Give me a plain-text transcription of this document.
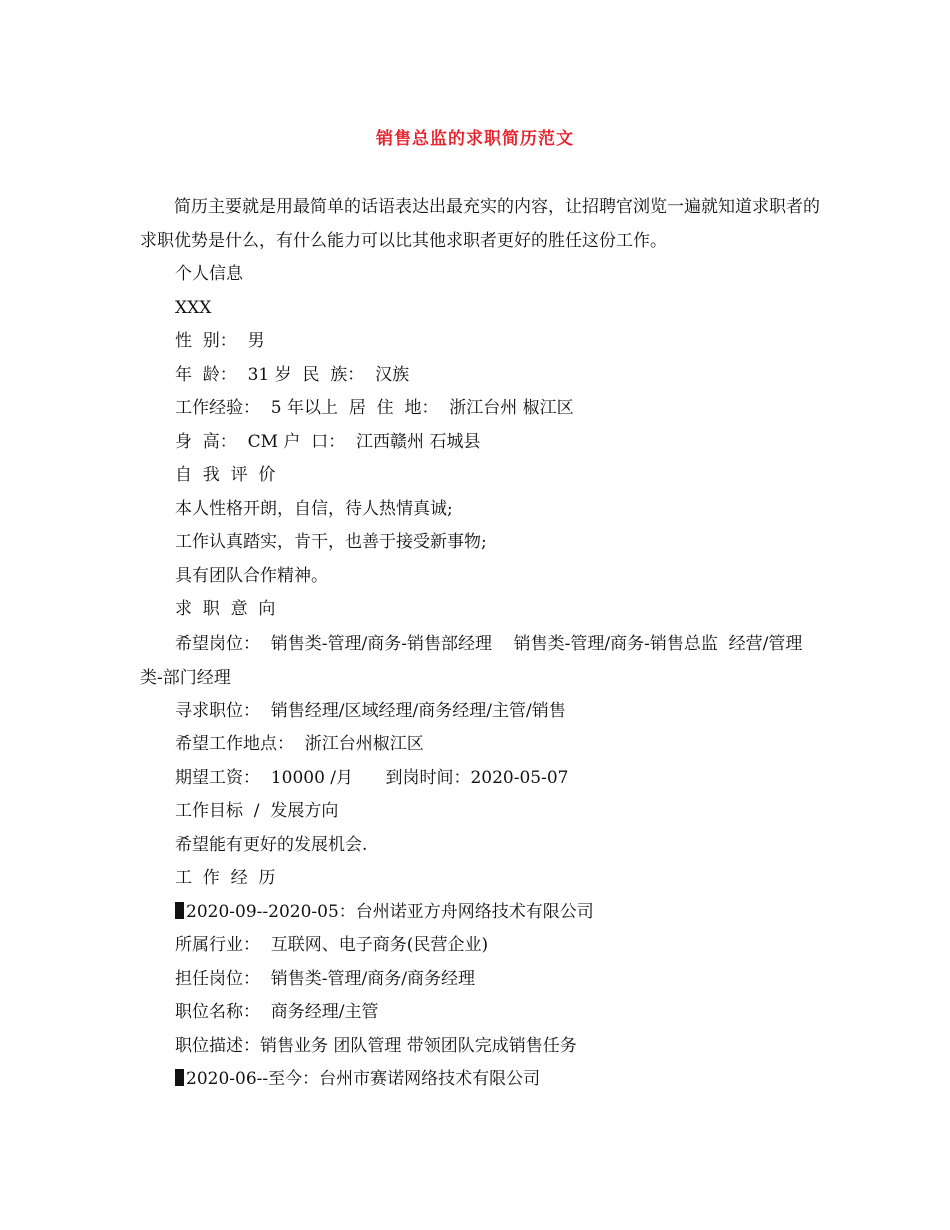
销售总监的求职简历范文

简历主要就是用最简单的话语表达出最充实的内容，让招聘官浏览一遍就知道求职者的求职优势是什么，有什么能力可以比其他求职者更好的胜任这份工作。

个人信息

XXX

性  别：  男

年  龄：  31 岁  民  族：  汉族

工作经验：  5 年以上  居  住  地：  浙江台州 椒江区

身  高：  CM 户  口：  江西赣州 石城县

自  我  评  价

本人性格开朗，自信，待人热情真诚;

工作认真踏实，肯干，也善于接受新事物;

具有团队合作精神。

求  职  意  向

希望岗位：  销售类-管理/商务-销售部经理    销售类-管理/商务-销售总监  经营/管理类-部门经理

寻求职位：  销售经理/区域经理/商务经理/主管/销售

希望工作地点：  浙江台州椒江区

期望工资：  10000 /月      到岗时间：2020-05-07

工作目标  /  发展方向

希望能有更好的发展机会.

工  作  经  历

2020-09--2020-05：台州诺亚方舟网络技术有限公司

所属行业：  互联网、电子商务(民营企业)

担任岗位：  销售类-管理/商务/商务经理

职位名称：  商务经理/主管

职位描述：销售业务 团队管理 带领团队完成销售任务

2020-06--至今：台州市赛诺网络技术有限公司
